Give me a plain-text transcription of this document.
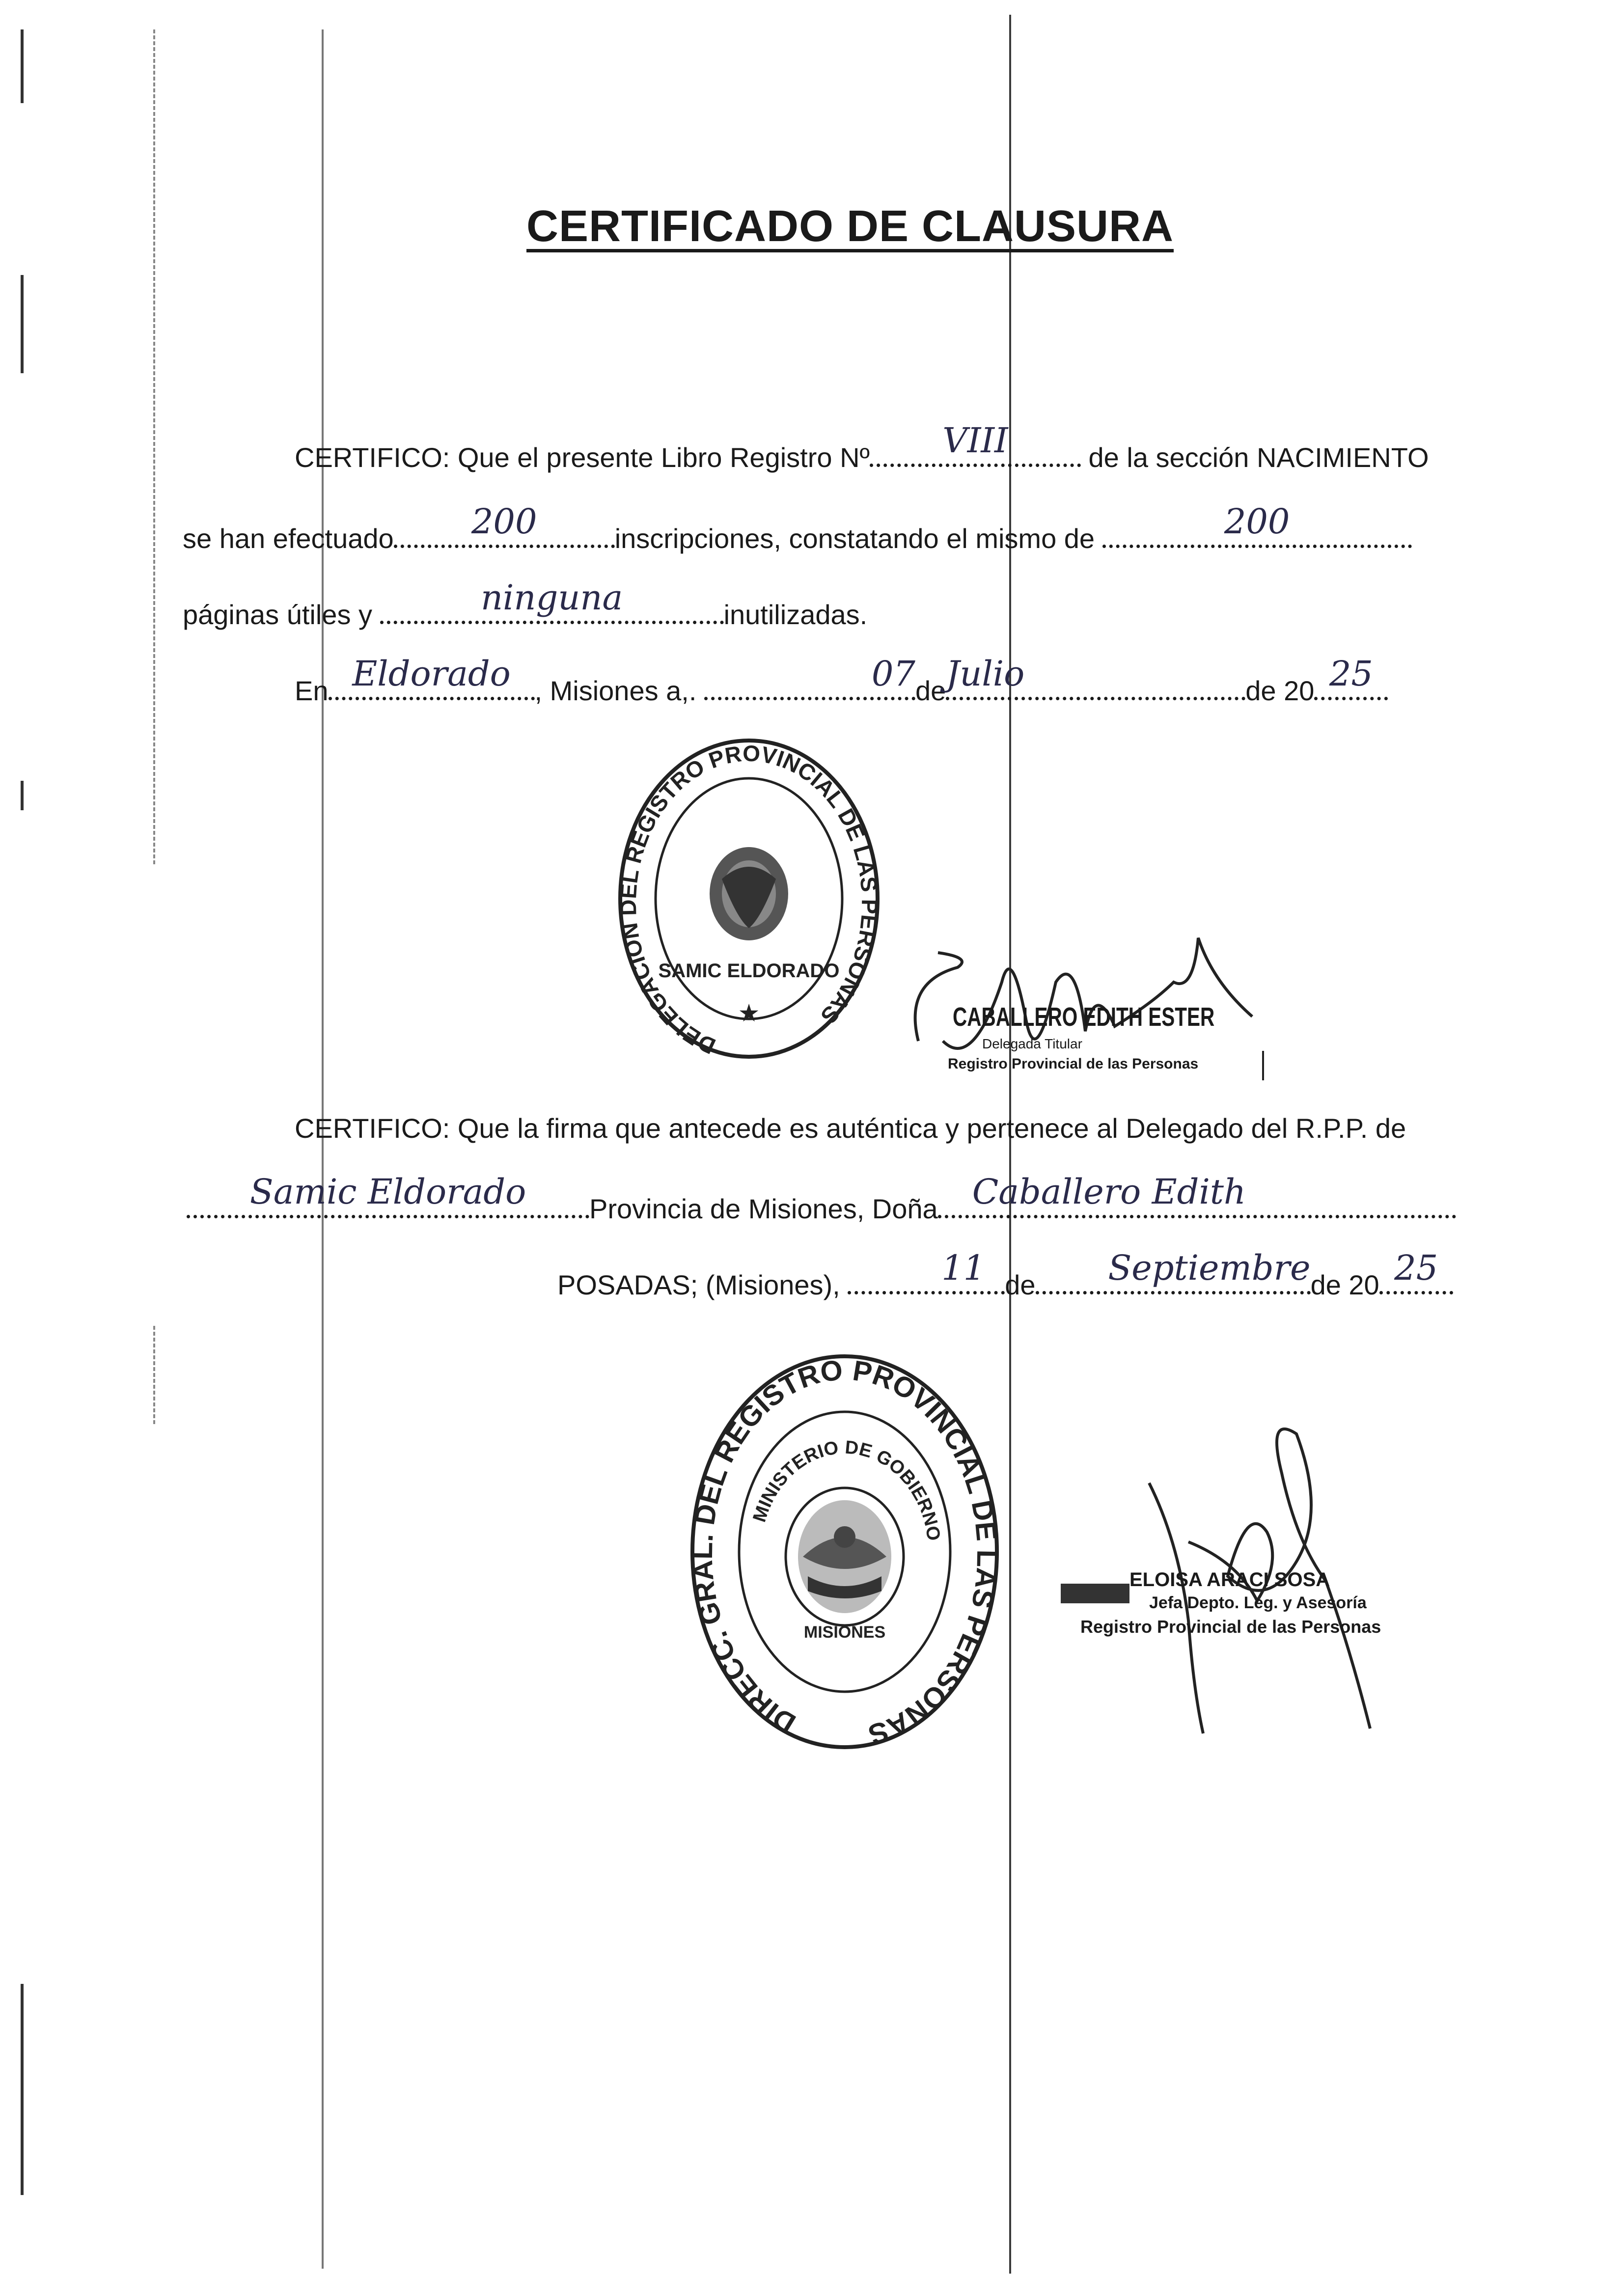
CERTIFICADO DE CLAUSURA
CERTIFICO: Que el presente Libro Registro Nº	VIII	de la sección NACIMIENTO
se han efectuado	200	inscripciones, constatando el mismo de	200
páginas útiles y	ninguna	inutilizadas.
En Eldorado , Misiones a,.	07 de Julio	de 20 25
DELEGACION DEL REGISTRO PROVINCIAL DE LAS PERSONAS
SAMIC ELDORADO
★	CABALLERO EDITH ESTER
Delegada Titular
Registro Provincial de las Personas
CERTIFICO: Que la firma que antecede es auténtica y pertenece al Delegado del R.P.P. de
Samic Eldorado	Provincia de Misiones, Doña	Caballero Edith
POSADAS; (Misiones),	11 de	Septiembre de 20 25
DIRECC. GRAL. DEL REGISTRO PROVINCIAL DE LAS PERSONAS
MINISTERIO DE GOBIERNO
MISIONES
ELOISA ARACI SOSA
Jefa Depto. Leg. y Asesoría
Registro Provincial de las Personas
